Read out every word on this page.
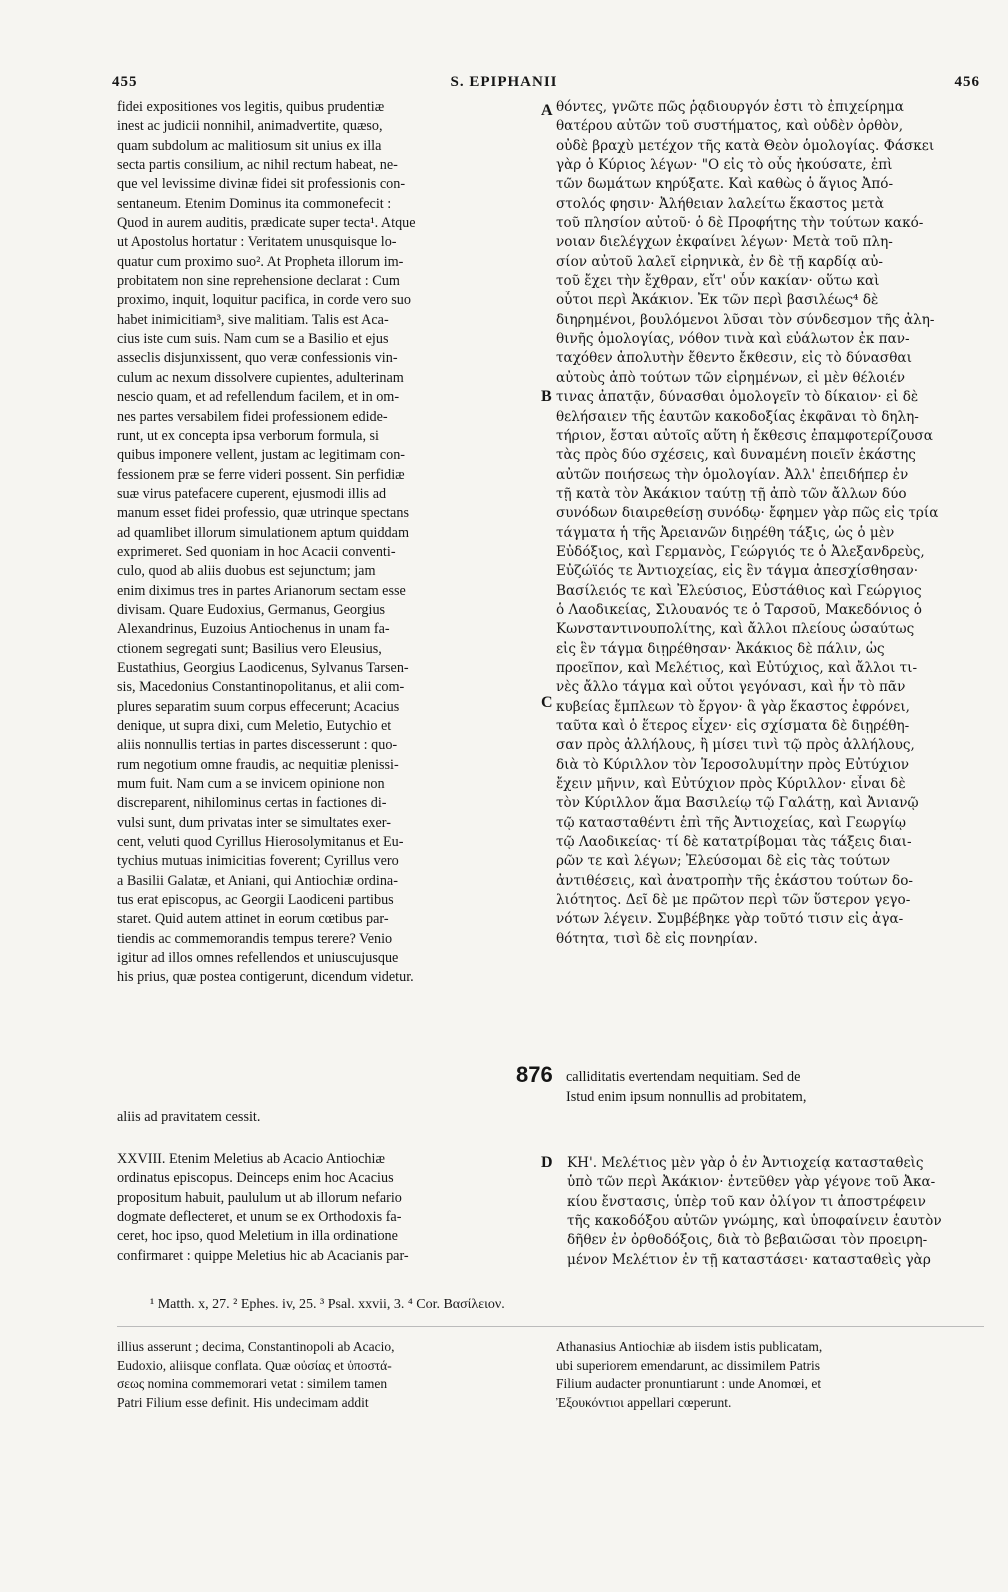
455	S. EPIPHANII	456
fidei expositiones vos legitis, quibus prudentiæ
inest ac judicii nonnihil, animadvertite, quæso,
quam subdolum ac malitiosum sit unius ex illa
secta partis consilium, ac nihil rectum habeat, ne-
que vel levissime divinæ fidei sit professionis con-
sentaneum. Etenim Dominus ita commonefecit :
Quod in aurem auditis, prædicate super tecta¹. Atque
ut Apostolus hortatur : Veritatem unusquisque lo-
quatur cum proximo suo². At Propheta illorum im-
probitatem non sine reprehensione declarat : Cum
proximo, inquit, loquitur pacifica, in corde vero suo
habet inimicitiam³, sive malitiam. Talis est Aca-
cius iste cum suis. Nam cum se a Basilio et ejus
asseclis disjunxissent, quo veræ confessionis vin-
culum ac nexum dissolvere cupientes, adulterinam
nescio quam, et ad refellendum facilem, et in om-
nes partes versabilem fidei professionem edide-
runt, ut ex concepta ipsa verborum formula, si
quibus imponere vellent, justam ac legitimam con-
fessionem præ se ferre videri possent. Sin perfidiæ
suæ virus patefacere cuperent, ejusmodi illis ad
manum esset fidei professio, quæ utrinque spectans
ad quamlibet illorum simulationem aptum quiddam
exprimeret. Sed quoniam in hoc Acacii conventi-
culo, quod ab aliis duobus est sejunctum; jam
enim diximus tres in partes Arianorum sectam esse
divisam. Quare Eudoxius, Germanus, Georgius
Alexandrinus, Euzoius Antiochenus in unam fa-
ctionem segregati sunt; Basilius vero Eleusius,
Eustathius, Georgius Laodicenus, Sylvanus Tarsen-
sis, Macedonius Constantinopolitanus, et alii com-
plures separatim suum corpus effecerunt; Acacius
denique, ut supra dixi, cum Meletio, Eutychio et
aliis nonnullis tertias in partes discesserunt : quo-
rum negotium omne fraudis, ac nequitiæ plenissi-
mum fuit. Nam cum a se invicem opinione non
discreparent, nihilominus certas in factiones di-
vulsi sunt, dum privatas inter se simultates exer-
cent, veluti quod Cyrillus Hierosolymitanus et Eu-
tychius mutuas inimicitias foverent; Cyrillus vero
a Basilii Galatæ, et Aniani, qui Antiochiæ ordina-
tus erat episcopus, ac Georgii Laodiceni partibus
staret. Quid autem attinet in eorum cœtibus par-
tiendis ac commemorandis tempus terere? Venio
igitur ad illos omnes refellendos et uniuscujusque
his prius, quæ postea contigerunt, dicendum videtur.
θόντες, γνῶτε πῶς ῥᾳδιουργόν ἐστι τὸ ἐπιχείρημα
θατέρου αὐτῶν τοῦ συστήματος, καὶ οὐδὲν ὀρθὸν,
οὐδὲ βραχὺ μετέχον τῆς κατὰ Θεὸν ὁμολογίας. Φάσκει
γὰρ ὁ Κύριος λέγων· "Ο εἰς τὸ οὖς ἠκούσατε, ἐπὶ
τῶν δωμάτων κηρύξατε. Καὶ καθὼς ὁ ἅγιος Ἀπό-
στολός φησιν· Ἀλήθειαν λαλείτω ἕκαστος μετὰ
τοῦ πλησίον αὐτοῦ· ὁ δὲ Προφήτης τὴν τούτων κακό-
νοιαν διελέγχων ἐκφαίνει λέγων· Μετὰ τοῦ πλη-
σίον αὐτοῦ λαλεῖ εἰρηνικὰ, ἐν δὲ τῇ καρδίᾳ αὐ-
τοῦ ἔχει τὴν ἔχθραν, εἴτ' οὖν κακίαν· οὕτω καὶ
οὗτοι περὶ Ἀκάκιον. Ἐκ τῶν περὶ βασιλέως⁴ δὲ
διηρημένοι, βουλόμενοι λῦσαι τὸν σύνδεσμον τῆς ἀλη-
θινῆς ὁμολογίας, νόθον τινὰ καὶ εὐάλωτον ἐκ παν-
ταχόθεν ἀπολυτὴν ἔθεντο ἔκθεσιν, εἰς τὸ δύνασθαι
αὐτοὺς ἀπὸ τούτων τῶν εἰρημένων, εἰ μὲν θέλοιέν
τινας ἀπατᾷν, δύνασθαι ὁμολογεῖν τὸ δίκαιον· εἰ δὲ
θελήσαιεν τῆς ἑαυτῶν κακοδοξίας ἐκφᾶναι τὸ δηλη-
τήριον, ἔσται αὐτοῖς αὕτη ἡ ἔκθεσις ἐπαμφοτερίζουσα
τὰς πρὸς δύο σχέσεις, καὶ δυναμένη ποιεῖν ἑκάστης
αὐτῶν ποιήσεως τὴν ὁμολογίαν. Ἀλλ' ἐπειδήπερ ἐν
τῇ κατὰ τὸν Ἀκάκιον ταύτῃ τῇ ἀπὸ τῶν ἄλλων δύο
συνόδων διαιρεθείσῃ συνόδῳ· ἔφημεν γὰρ πῶς εἰς τρία
τάγματα ἡ τῆς Ἀρειανῶν διῃρέθη τάξις, ὡς ὁ μὲν
Εὐδόξιος, καὶ Γερμανὸς, Γεώργιός τε ὁ Ἀλεξανδρεὺς,
Εὐζώϊός τε Ἀντιοχείας, εἰς ἓν τάγμα ἀπεσχίσθησαν·
Βασίλειός τε καὶ Ἐλεύσιος, Εὐστάθιος καὶ Γεώργιος
ὁ Λαοδικείας, Σιλουανός τε ὁ Ταρσοῦ, Μακεδόνιος ὁ
Κωνσταντινουπολίτης, καὶ ἄλλοι πλείους ὡσαύτως
εἰς ἓν τάγμα διῃρέθησαν· Ἀκάκιος δὲ πάλιν, ὡς
προεῖπον, καὶ Μελέτιος, καὶ Εὐτύχιος, καὶ ἄλλοι τι-
νὲς ἄλλο τάγμα καὶ οὗτοι γεγόνασι, καὶ ἦν τὸ πᾶν
κυβείας ἔμπλεων τὸ ἔργον· ἃ γὰρ ἕκαστος ἐφρόνει,
ταῦτα καὶ ὁ ἕτερος εἶχεν· εἰς σχίσματα δὲ διῃρέθη-
σαν πρὸς ἀλλήλους, ἢ μίσει τινὶ τῷ πρὸς ἀλλήλους,
διὰ τὸ Κύριλλον τὸν Ἱεροσολυμίτην πρὸς Εὐτύχιον
ἔχειν μῆνιν, καὶ Εὐτύχιον πρὸς Κύριλλον· εἶναι δὲ
τὸν Κύριλλον ἅμα Βασιλείῳ τῷ Γαλάτῃ, καὶ Ἀνιανῷ
τῷ κατασταθέντι ἐπὶ τῆς Ἀντιοχείας, καὶ Γεωργίῳ
τῷ Λαοδικείας· τί δὲ κατατρίβομαι τὰς τάξεις διαι-
ρῶν τε καὶ λέγων; Ἐλεύσομαι δὲ εἰς τὰς τούτων
ἀντιθέσεις, καὶ ἀνατροπὴν τῆς ἑκάστου τούτων δο-
λιότητος. Δεῖ δὲ με πρῶτον περὶ τῶν ὕστερον γεγο-
νότων λέγειν. Συμβέβηκε γὰρ τοῦτό τισιν εἰς ἀγα-
θότητα, τισὶ δὲ εἰς πονηρίαν.
A
B
C
D
876 calliditatis evertendam nequitiam. Sed de
Istud enim ipsum nonnullis ad probitatem,
aliis ad pravitatem cessit.
XXVIII. Etenim Meletius ab Acacio Antiochiæ
ordinatus episcopus. Deinceps enim hoc Acacius
propositum habuit, paululum ut ab illorum nefario
dogmate deflecteret, et unum se ex Orthodoxis fa-
ceret, hoc ipso, quod Meletium in illa ordinatione
confirmaret : quippe Meletius hic ab Acacianis par-
ΚΗ'. Μελέτιος μὲν γὰρ ὁ ἐν Ἀντιοχείᾳ κατασταθεὶς
ὑπὸ τῶν περὶ Ἀκάκιον· ἐντεῦθεν γὰρ γέγονε τοῦ Ἀκα-
κίου ἔνστασις, ὑπὲρ τοῦ καν ὀλίγον τι ἀποστρέφειν
τῆς κακοδόξου αὐτῶν γνώμης, καὶ ὑποφαίνειν ἑαυτὸν
δῆθεν ἐν ὀρθοδόξοις, διὰ τὸ βεβαιῶσαι τὸν προειρη-
μένον Μελέτιον ἐν τῇ καταστάσει· κατασταθεὶς γὰρ
¹ Matth. x, 27. ² Ephes. iv, 25. ³ Psal. xxvii, 3. ⁴ Cor. Βασίλειον.
illius asserunt ; decima, Constantinopoli ab Acacio,
Eudoxio, aliisque conflata. Quæ οὐσίας et ὑποστά-
σεως nomina commemorari vetat : similem tamen
Patri Filium esse definit. His undecimam addit
Athanasius Antiochiæ ab iisdem istis publicatam,
ubi superiorem emendarunt, ac dissimilem Patris
Filium audacter pronuntiarunt : unde Anomœi, et
Ἐξουκόντιοι appellari cœperunt.
